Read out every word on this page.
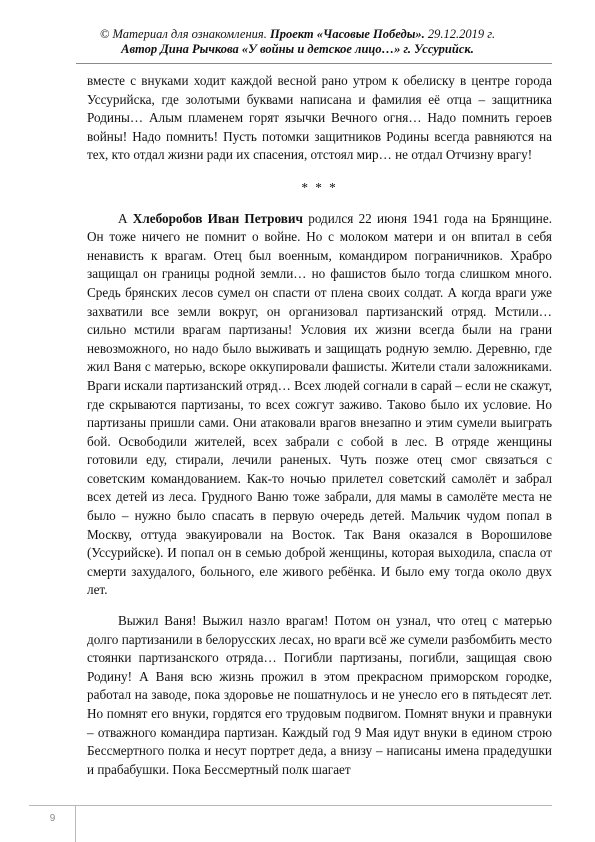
© Материал для ознакомления. Проект «Часовые Победы». 29.12.2019 г.
Автор Дина Рычкова «У войны и детское лицо…» г. Уссурийск.

вместе с внуками ходит каждой весной рано утром к обелиску в центре города Уссурийска, где золотыми буквами написана и фамилия её отца – защитника Родины… Алым пламенем горят язычки Вечного огня… Надо помнить героев войны! Надо помнить! Пусть потомки защитников Родины всегда равняются на тех, кто отдал жизни ради их спасения, отстоял мир… не отдал Отчизну врагу!

* * *

А Хлеборобов Иван Петрович родился 22 июня 1941 года на Брянщине. Он тоже ничего не помнит о войне. Но с молоком матери и он впитал в себя ненависть к врагам. Отец был военным, командиром пограничников. Храбро защищал он границы родной земли… но фашистов было тогда слишком много. Средь брянских лесов сумел он спасти от плена своих солдат. А когда враги уже захватили все земли вокруг, он организовал партизанский отряд. Мстили… сильно мстили врагам партизаны! Условия их жизни всегда были на грани невозможного, но надо было выживать и защищать родную землю. Деревню, где жил Ваня с матерью, вскоре оккупировали фашисты. Жители стали заложниками. Враги искали партизанский отряд… Всех людей согнали в сарай – если не скажут, где скрываются партизаны, то всех сожгут заживо. Таково было их условие. Но партизаны пришли сами. Они атаковали врагов внезапно и этим сумели выиграть бой. Освободили жителей, всех забрали с собой в лес. В отряде женщины готовили еду, стирали, лечили раненых. Чуть позже отец смог связаться с советским командованием. Как-то ночью прилетел советский самолёт и забрал всех детей из леса. Грудного Ваню тоже забрали, для мамы в самолёте места не было – нужно было спасать в первую очередь детей. Мальчик чудом попал в Москву, оттуда эвакуировали на Восток. Так Ваня оказался в Ворошилове (Уссурийске). И попал он в семью доброй женщины, которая выходила, спасла от смерти захудалого, больного, еле живого ребёнка. И было ему тогда около двух лет.

Выжил Ваня! Выжил назло врагам! Потом он узнал, что отец с матерью долго партизанили в белорусских лесах, но враги всё же сумели разбомбить место стоянки партизанского отряда… Погибли партизаны, погибли, защищая свою Родину! А Ваня всю жизнь прожил в этом прекрасном приморском городке, работал на заводе, пока здоровье не пошатнулось и не унесло его в пятьдесят лет. Но помнят его внуки, гордятся его трудовым подвигом. Помнят внуки и правнуки – отважного командира партизан. Каждый год 9 Мая идут внуки в едином строю Бессмертного полка и несут портрет деда, а внизу – написаны имена прадедушки и прабабушки. Пока Бессмертный полк шагает

9
